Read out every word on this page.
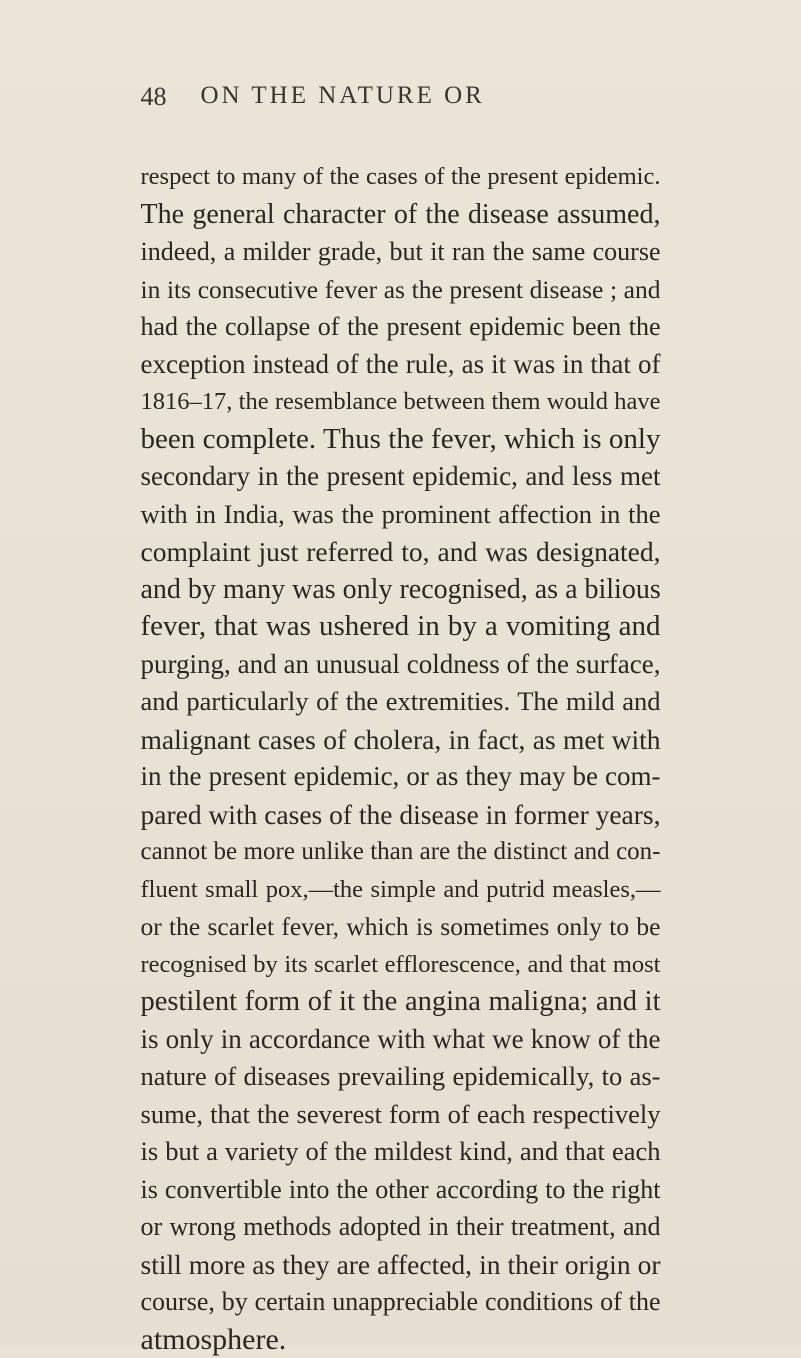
48 ON THE NATURE OR
respect to many of the cases of the present epidemic.
The general character of the disease assumed,
indeed, a milder grade, but it ran the same course
in its consecutive fever as the present disease ; and
had the collapse of the present epidemic been the
exception instead of the rule, as it was in that of
1816–17, the resemblance between them would have
been complete. Thus the fever, which is only
secondary in the present epidemic, and less met
with in India, was the prominent affection in the
complaint just referred to, and was designated,
and by many was only recognised, as a bilious
fever, that was ushered in by a vomiting and
purging, and an unusual coldness of the surface,
and particularly of the extremities. The mild and
malignant cases of cholera, in fact, as met with
in the present epidemic, or as they may be com-
pared with cases of the disease in former years,
cannot be more unlike than are the distinct and con-
fluent small pox,—the simple and putrid measles,—
or the scarlet fever, which is sometimes only to be
recognised by its scarlet efflorescence, and that most
pestilent form of it the angina maligna; and it
is only in accordance with what we know of the
nature of diseases prevailing epidemically, to as-
sume, that the severest form of each respectively
is but a variety of the mildest kind, and that each
is convertible into the other according to the right
or wrong methods adopted in their treatment, and
still more as they are affected, in their origin or
course, by certain unappreciable conditions of the
atmosphere.
